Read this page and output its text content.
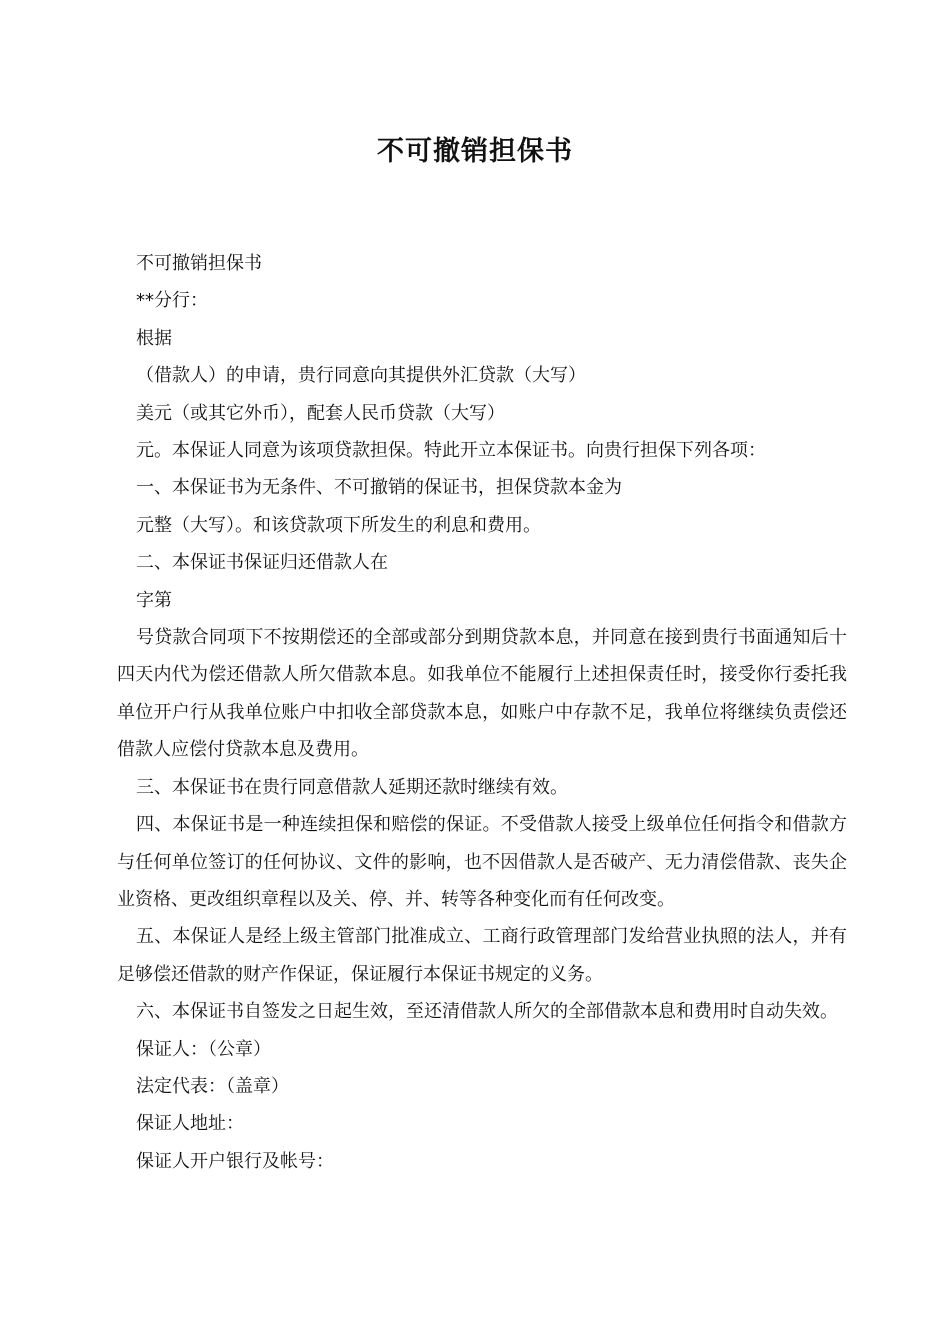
不可撤销担保书

不可撤销担保书

**分行：

根据

（借款人）的申请，贵行同意向其提供外汇贷款（大写）

美元（或其它外币），配套人民币贷款（大写）

元。本保证人同意为该项贷款担保。特此开立本保证书。向贵行担保下列各项：

一、本保证书为无条件、不可撤销的保证书，担保贷款本金为

元整（大写）。和该贷款项下所发生的利息和费用。

二、本保证书保证归还借款人在

字第

号贷款合同项下不按期偿还的全部或部分到期贷款本息，并同意在接到贵行书面通知后十四天内代为偿还借款人所欠借款本息。如我单位不能履行上述担保责任时，接受你行委托我单位开户行从我单位账户中扣收全部贷款本息，如账户中存款不足，我单位将继续负责偿还借款人应偿付贷款本息及费用。

三、本保证书在贵行同意借款人延期还款时继续有效。

四、本保证书是一种连续担保和赔偿的保证。不受借款人接受上级单位任何指令和借款方与任何单位签订的任何协议、文件的影响，也不因借款人是否破产、无力清偿借款、丧失企业资格、更改组织章程以及关、停、并、转等各种变化而有任何改变。

五、本保证人是经上级主管部门批准成立、工商行政管理部门发给营业执照的法人，并有足够偿还借款的财产作保证，保证履行本保证书规定的义务。

六、本保证书自签发之日起生效，至还清借款人所欠的全部借款本息和费用时自动失效。

保证人：（公章）

法定代表：（盖章）

保证人地址：

保证人开户银行及帐号：
